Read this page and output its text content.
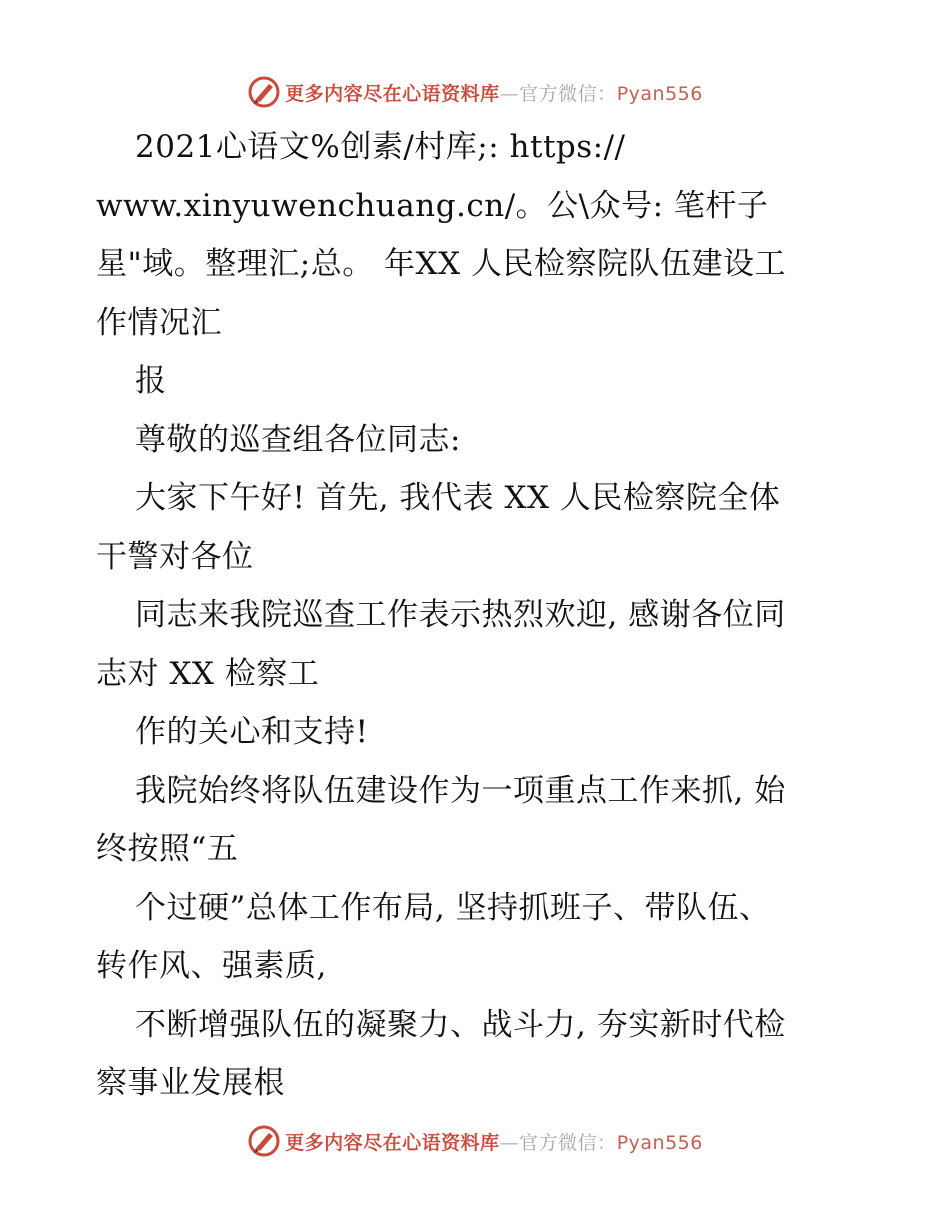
更多内容尽在心语资料库—官方微信：Pyan556
2021心语文%创素/村库;: https://
www.xinyuwenchuang.cn/。公\众号: 笔杆子
星"域。整理汇;总。 年XX 人民检察院队伍建设工
作情况汇
报
尊敬的巡查组各位同志:
大家下午好! 首先, 我代表 XX 人民检察院全体
干警对各位
同志来我院巡查工作表示热烈欢迎, 感谢各位同
志对 XX 检察工
作的关心和支持!
我院始终将队伍建设作为一项重点工作来抓, 始
终按照“五
个过硬”总体工作布局, 坚持抓班子、带队伍、
转作风、强素质,
不断增强队伍的凝聚力、战斗力, 夯实新时代检
察事业发展根
更多内容尽在心语资料库—官方微信：Pyan556
